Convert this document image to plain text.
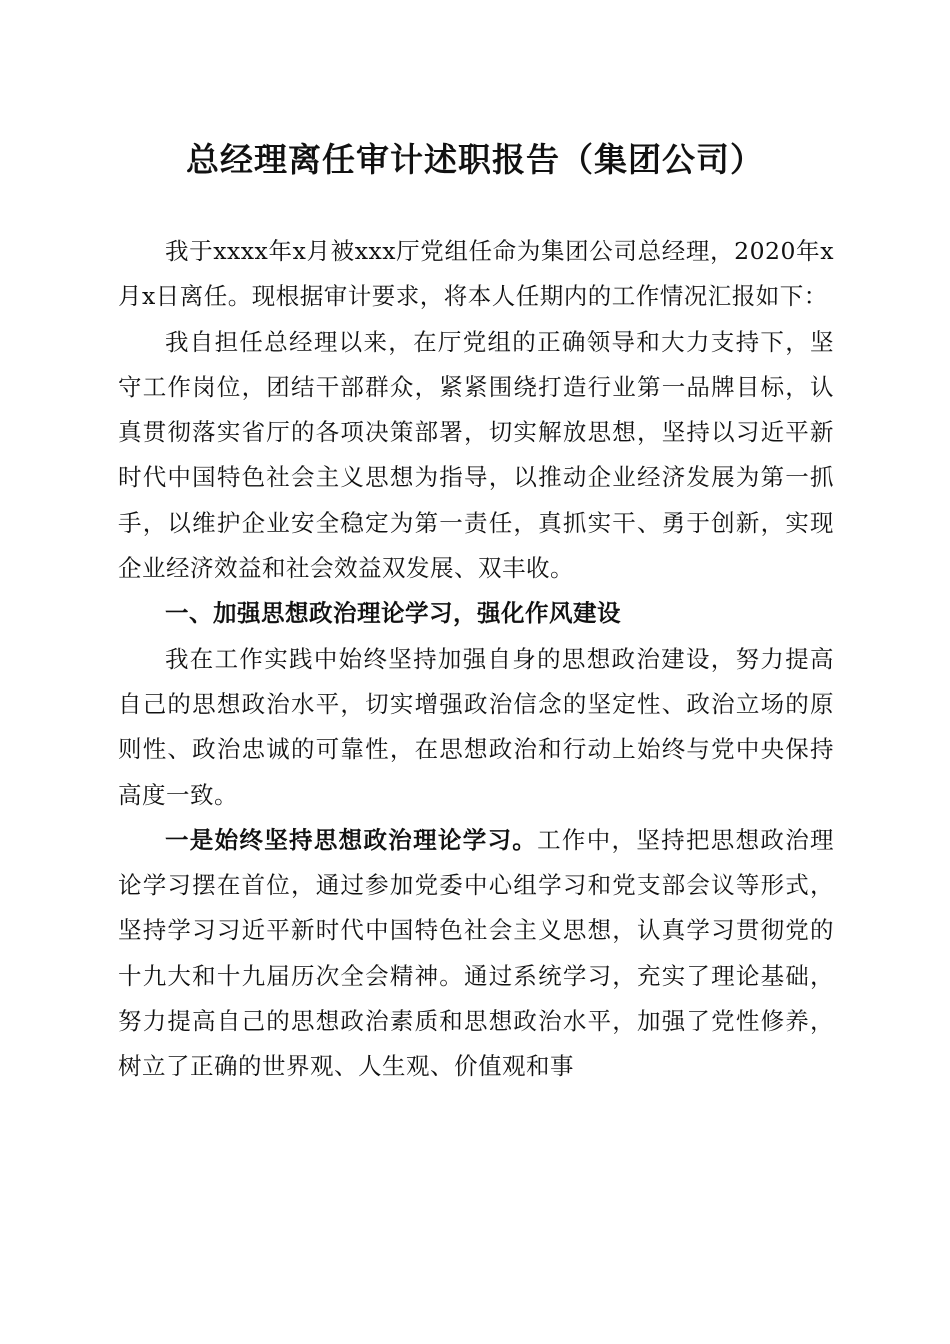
总经理离任审计述职报告（集团公司）

我于xxxx年x月被xxx厅党组任命为集团公司总经理，2020年x月x日离任。现根据审计要求，将本人任期内的工作情况汇报如下：

我自担任总经理以来，在厅党组的正确领导和大力支持下，坚守工作岗位，团结干部群众，紧紧围绕打造行业第一品牌目标，认真贯彻落实省厅的各项决策部署，切实解放思想，坚持以习近平新时代中国特色社会主义思想为指导，以推动企业经济发展为第一抓手，以维护企业安全稳定为第一责任，真抓实干、勇于创新，实现企业经济效益和社会效益双发展、双丰收。

一、加强思想政治理论学习，强化作风建设

我在工作实践中始终坚持加强自身的思想政治建设，努力提高自己的思想政治水平，切实增强政治信念的坚定性、政治立场的原则性、政治忠诚的可靠性，在思想政治和行动上始终与党中央保持高度一致。

一是始终坚持思想政治理论学习。工作中，坚持把思想政治理论学习摆在首位，通过参加党委中心组学习和党支部会议等形式，坚持学习习近平新时代中国特色社会主义思想，认真学习贯彻党的十九大和十九届历次全会精神。通过系统学习，充实了理论基础，努力提高自己的思想政治素质和思想政治水平，加强了党性修养，树立了正确的世界观、人生观、价值观和事
